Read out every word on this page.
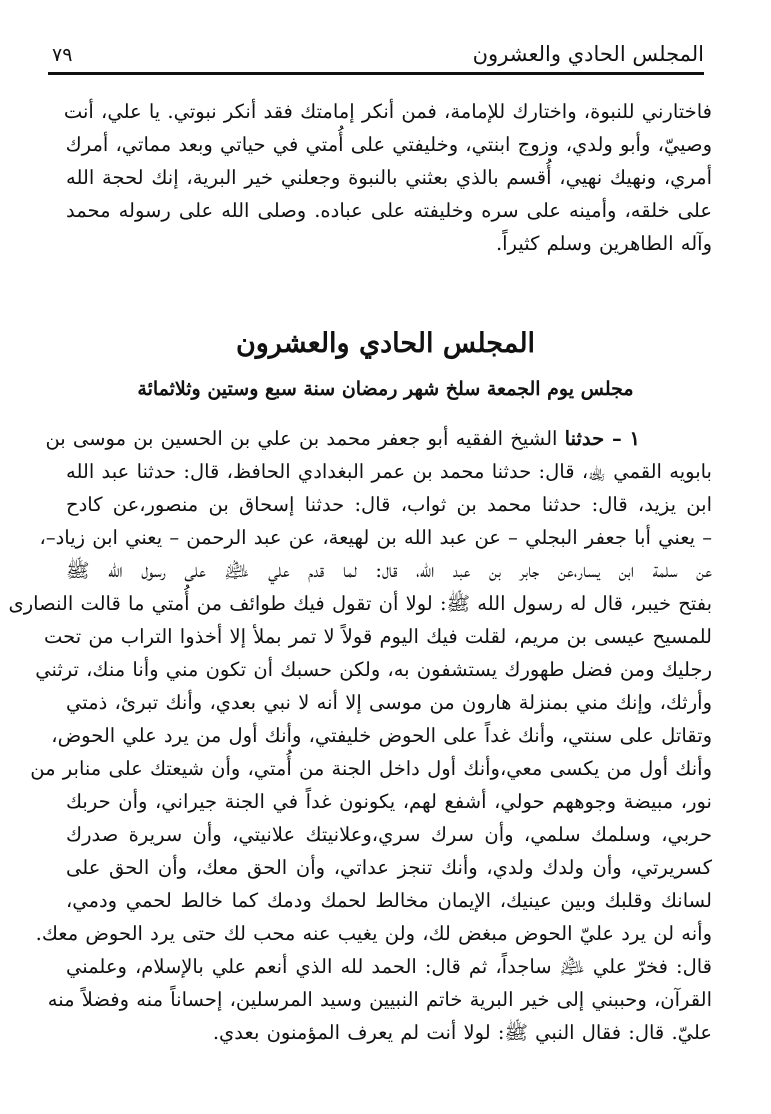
المجلس الحادي والعشرون
٧٩
فاختارني للنبوة، واختارك للإمامة، فمن أنكر إمامتك فقد أنكر نبوتي. يا علي، أنت
وصييّ، وأبو ولدي، وزوج ابنتي، وخليفتي على أُمتي في حياتي وبعد مماتي، أمرك
أمري، ونهيك نهيي، أُقسم بالذي بعثني بالنبوة وجعلني خير البرية، إنك لحجة الله
على خلقه، وأمينه على سره وخليفته على عباده. وصلى الله على رسوله محمد
وآله الطاهرين وسلم كثيراً.
المجلس الحادي والعشرون
مجلس يوم الجمعة سلخ شهر رمضان سنة سبع وستين وثلاثمائة
١ – حدثنا الشيخ الفقيه أبو جعفر محمد بن علي بن الحسين بن موسى بن
بابويه القمي ﵀، قال: حدثنا محمد بن عمر البغدادي الحافظ، قال: حدثنا عبد الله
ابن يزيد، قال: حدثنا محمد بن ثواب، قال: حدثنا إسحاق بن منصور،عن كادح
– يعني أبا جعفر البجلي – عن عبد الله بن لهيعة، عن عبد الرحمن – يعني ابن زياد–،
عن سلمة ابن يسار،عن جابر بن عبد الله، قال: لما قدم علي ﵇ على رسول الله ﷺ
بفتح خيبر، قال له رسول الله ﷺ: لولا أن تقول فيك طوائف من أُمتي ما قالت النصارى
للمسيح عيسى بن مريم، لقلت فيك اليوم قولاً لا تمر بملأ إلا أخذوا التراب من تحت
رجليك ومن فضل طهورك يستشفون به، ولكن حسبك أن تكون مني وأنا منك، ترثني
وأرثك، وإنك مني بمنزلة هارون من موسى إلا أنه لا نبي بعدي، وأنك تبرئ، ذمتي
وتقاتل على سنتي، وأنك غداً على الحوض خليفتي، وأنك أول من يرد علي الحوض،
وأنك أول من يكسى معي،وأنك أول داخل الجنة من أُمتي، وأن شيعتك على منابر من
نور، مبيضة وجوههم حولي، أشفع لهم، يكونون غداً في الجنة جيراني، وأن حربك
حربي، وسلمك سلمي، وأن سرك سري،وعلانيتك علانيتي، وأن سريرة صدرك
كسريرتي، وأن ولدك ولدي، وأنك تنجز عداتي، وأن الحق معك، وأن الحق على
لسانك وقلبك وبين عينيك، الإيمان مخالط لحمك ودمك كما خالط لحمي ودمي،
وأنه لن يرد عليّ الحوض مبغض لك، ولن يغيب عنه محب لك حتى يرد الحوض معك.
قال: فخرّ علي ﵇ ساجداً، ثم قال: الحمد لله الذي أنعم علي بالإسلام، وعلمني
القرآن، وحببني إلى خير البرية خاتم النبيين وسيد المرسلين، إحساناً منه وفضلاً منه
عليّ. قال: فقال النبي ﷺ: لولا أنت لم يعرف المؤمنون بعدي.
